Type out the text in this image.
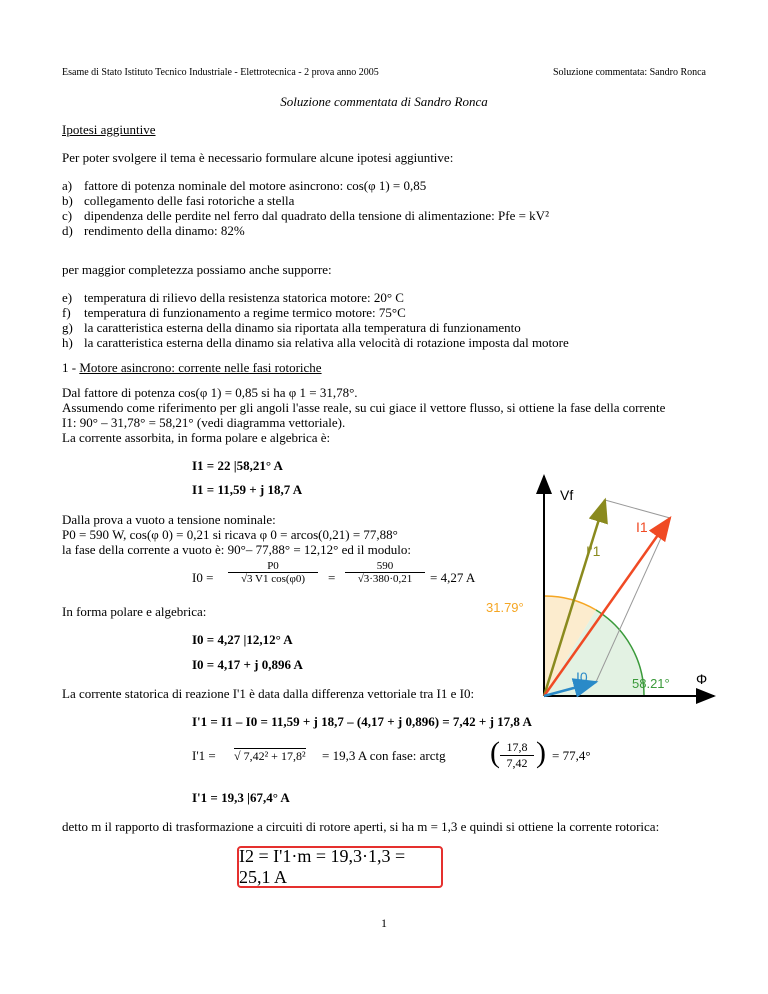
Esame di Stato Istituto Tecnico Industriale - Elettrotecnica - 2 prova anno 2005	Soluzione commentata: Sandro Ronca
Soluzione commentata di Sandro Ronca
Ipotesi aggiuntive
Per poter svolgere il tema è necessario formulare alcune ipotesi aggiuntive:
a) fattore di potenza nominale del motore asincrono: cos(φ 1) = 0,85
b) collegamento delle fasi rotoriche a stella
c) dipendenza delle perdite nel ferro dal quadrato della tensione di alimentazione: Pfe = kV²
d) rendimento della dinamo: 82%
per maggior completezza possiamo anche supporre:
e) temperatura di rilievo della resistenza statorica motore: 20° C
f) temperatura di funzionamento a regime termico motore: 75°C
g) la caratteristica esterna della dinamo sia riportata alla temperatura di funzionamento
h) la caratteristica esterna della dinamo sia relativa alla velocità di rotazione imposta dal motore
1 - Motore asincrono: corrente nelle fasi rotoriche
Dal fattore di potenza cos(φ 1) = 0,85 si ha φ 1 = 31,78°.
Assumendo come riferimento per gli angoli l'asse reale, su cui giace il vettore flusso, si ottiene la fase della corrente
I1: 90° – 31,78° = 58,21° (vedi diagramma vettoriale).
La corrente assorbita, in forma polare e algebrica è:
I1 = 22 |58,21° A
I1 = 11,59 + j 18,7 A
Dalla prova a vuoto a tensione nominale:
P0 = 590 W, cos(φ 0) = 0,21 si ricava φ 0 = arcos(0,21) = 77,88°
la fase della corrente a vuoto è: 90°– 77,88° = 12,12° ed il modulo:
$I0 = \frac{P0}{√3 V1 \cos(\varphi 0)} = \frac{590}{√3\cdot 380\cdot 0,21} = 4,27$ A
In forma polare e algebrica:
I0 = 4,27 |12,12° A
I0 = 4,17 + j 0,896 A
La corrente statorica di reazione I'1 è data dalla differenza vettoriale tra I1 e I0:
I'1 = I1 – I0 = 11,59 + j 18,7 – (4,17 + j 0,896) = 7,42 + j 17,8 A
I'1 = √ 7,42² + 17,8² = 19,3 A con fase: arctg ( $\frac{17,8}{7,42}$ ) = 77,4°
I'1 = 19,3 |67,4° A
detto m il rapporto di trasformazione a circuiti di rotore aperti, si ha m = 1,3 e quindi si ottiene la corrente rotorica:
I2 = I'1·m = 19,3·1,3 = 25,1 A
1
Vf
I1
I'1
I0	Φ
31.79°
58.21°
